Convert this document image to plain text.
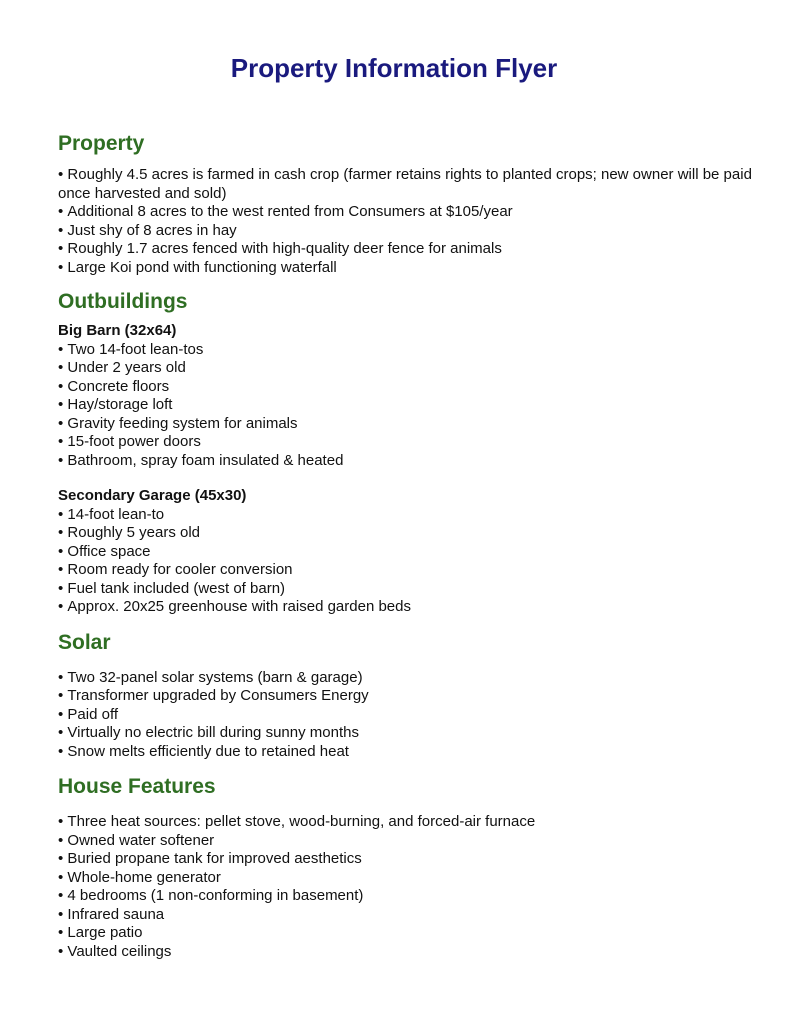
Property Information Flyer
Property
• Roughly 4.5 acres is farmed in cash crop (farmer retains rights to planted crops; new owner will be paid once harvested and sold)
• Additional 8 acres to the west rented from Consumers at $105/year
• Just shy of 8 acres in hay
• Roughly 1.7 acres fenced with high-quality deer fence for animals
• Large Koi pond with functioning waterfall
Outbuildings

Big Barn (32x64)

• Two 14-foot lean-tos
• Under 2 years old
• Concrete floors
• Hay/storage loft
• Gravity feeding system for animals
• 15-foot power doors
• Bathroom, spray foam insulated & heated

Secondary Garage (45x30)

• 14-foot lean-to
• Roughly 5 years old
• Office space
• Room ready for cooler conversion
• Fuel tank included (west of barn)
• Approx. 20x25 greenhouse with raised garden beds
Solar
• Two 32-panel solar systems (barn & garage)
• Transformer upgraded by Consumers Energy
• Paid off
• Virtually no electric bill during sunny months
• Snow melts efficiently due to retained heat
House Features
• Three heat sources: pellet stove, wood-burning, and forced-air furnace
• Owned water softener
• Buried propane tank for improved aesthetics
• Whole-home generator
• 4 bedrooms (1 non-conforming in basement)
• Infrared sauna
• Large patio
• Vaulted ceilings
